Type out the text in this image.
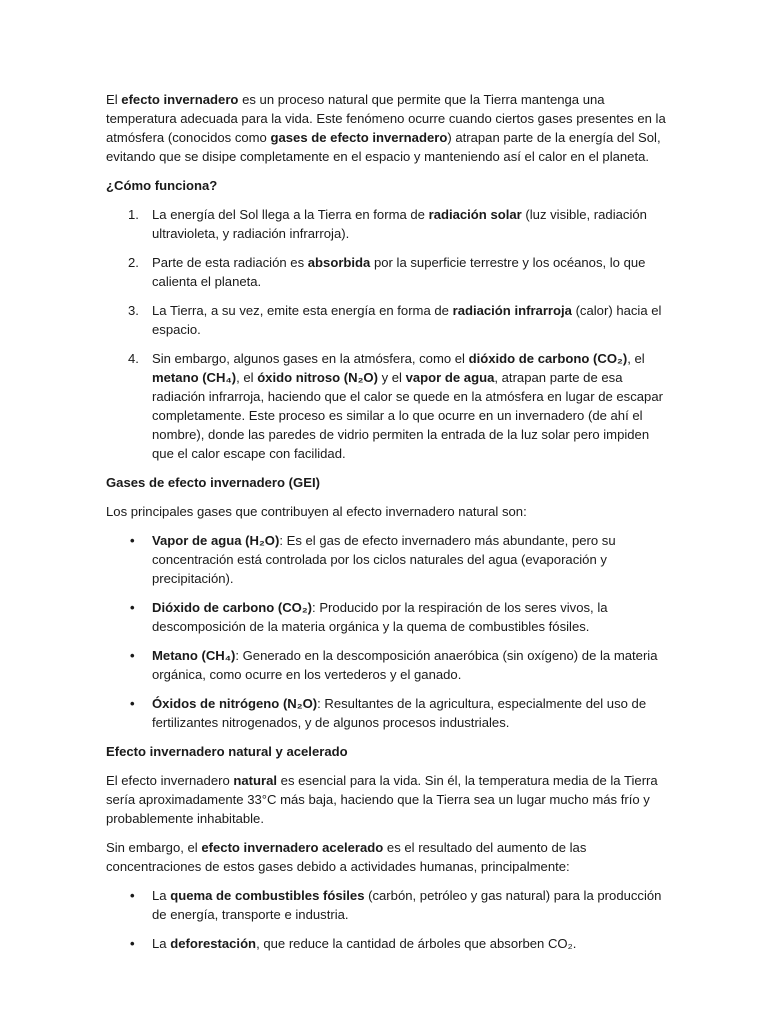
El efecto invernadero es un proceso natural que permite que la Tierra mantenga una temperatura adecuada para la vida. Este fenómeno ocurre cuando ciertos gases presentes en la atmósfera (conocidos como gases de efecto invernadero) atrapan parte de la energía del Sol, evitando que se disipe completamente en el espacio y manteniendo así el calor en el planeta.

¿Cómo funciona?

1. La energía del Sol llega a la Tierra en forma de radiación solar (luz visible, radiación ultravioleta, y radiación infrarroja).
2. Parte de esta radiación es absorbida por la superficie terrestre y los océanos, lo que calienta el planeta.
3. La Tierra, a su vez, emite esta energía en forma de radiación infrarroja (calor) hacia el espacio.
4. Sin embargo, algunos gases en la atmósfera, como el dióxido de carbono (CO₂), el metano (CH₄), el óxido nitroso (N₂O) y el vapor de agua, atrapan parte de esa radiación infrarroja, haciendo que el calor se quede en la atmósfera en lugar de escapar completamente. Este proceso es similar a lo que ocurre en un invernadero (de ahí el nombre), donde las paredes de vidrio permiten la entrada de la luz solar pero impiden que el calor escape con facilidad.

Gases de efecto invernadero (GEI)

Los principales gases que contribuyen al efecto invernadero natural son:

• Vapor de agua (H₂O): Es el gas de efecto invernadero más abundante, pero su concentración está controlada por los ciclos naturales del agua (evaporación y precipitación).
• Dióxido de carbono (CO₂): Producido por la respiración de los seres vivos, la descomposición de la materia orgánica y la quema de combustibles fósiles.
• Metano (CH₄): Generado en la descomposición anaeróbica (sin oxígeno) de la materia orgánica, como ocurre en los vertederos y el ganado.
• Óxidos de nitrógeno (N₂O): Resultantes de la agricultura, especialmente del uso de fertilizantes nitrogenados, y de algunos procesos industriales.

Efecto invernadero natural y acelerado

El efecto invernadero natural es esencial para la vida. Sin él, la temperatura media de la Tierra sería aproximadamente 33°C más baja, haciendo que la Tierra sea un lugar mucho más frío y probablemente inhabitable.

Sin embargo, el efecto invernadero acelerado es el resultado del aumento de las concentraciones de estos gases debido a actividades humanas, principalmente:

• La quema de combustibles fósiles (carbón, petróleo y gas natural) para la producción de energía, transporte e industria.
• La deforestación, que reduce la cantidad de árboles que absorben CO₂.
